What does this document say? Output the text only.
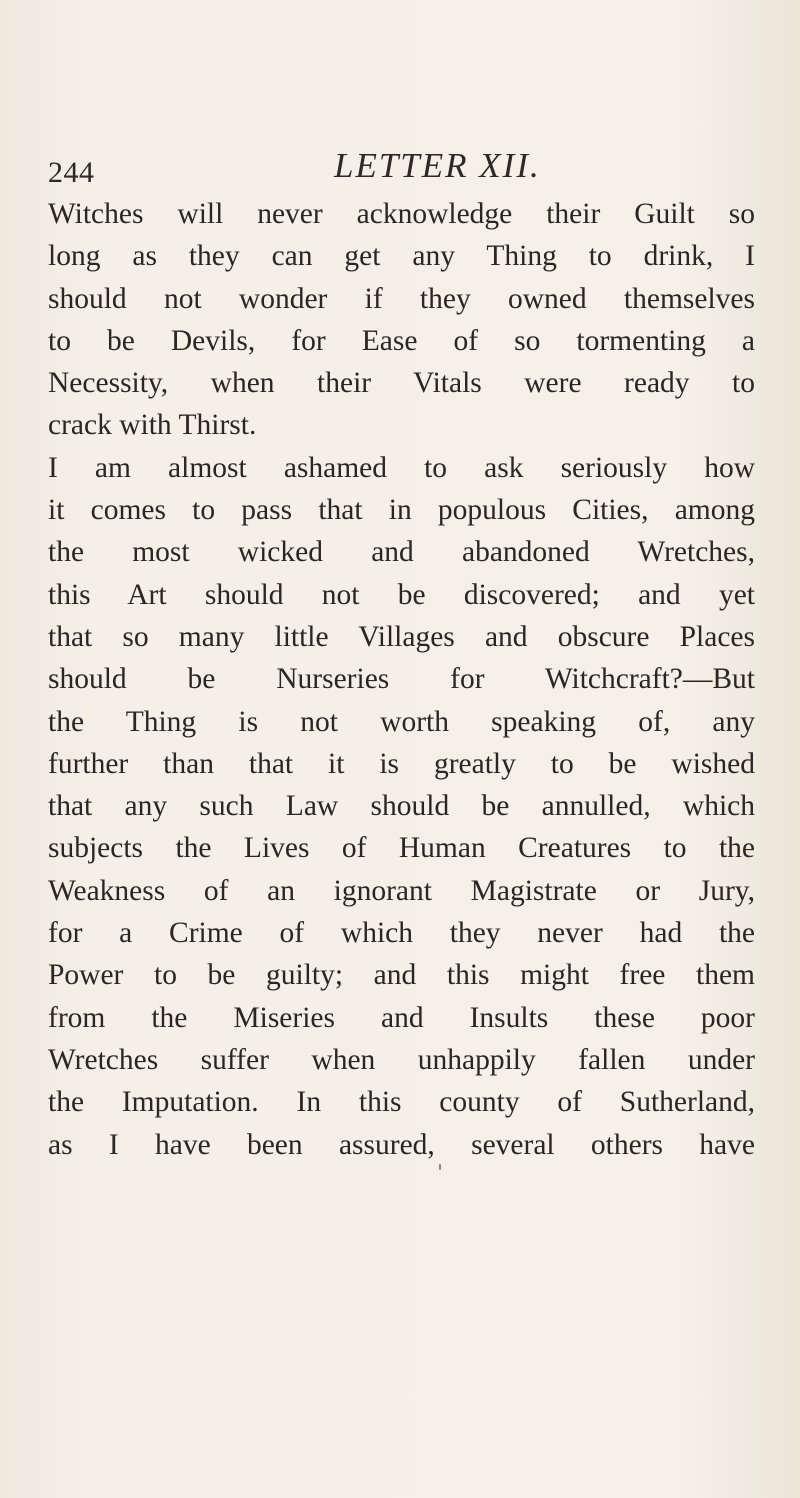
244	LETTER XII.
Witches will never acknowledge their Guilt so
long as they can get any Thing to drink, I
should not wonder if they owned themselves
to be Devils, for Ease of so tormenting a
Necessity, when their Vitals were ready to
crack with Thirst.
I am almost ashamed to ask seriously how
it comes to pass that in populous Cities, among
the most wicked and abandoned Wretches,
this Art should not be discovered; and yet
that so many little Villages and obscure Places
should be Nurseries for Witchcraft?—But
the Thing is not worth speaking of, any
further than that it is greatly to be wished
that any such Law should be annulled, which
subjects the Lives of Human Creatures to the
Weakness of an ignorant Magistrate or Jury,
for a Crime of which they never had the
Power to be guilty; and this might free them
from the Miseries and Insults these poor
Wretches suffer when unhappily fallen under
the Imputation. In this county of Sutherland,
as I have been assured, several others have
